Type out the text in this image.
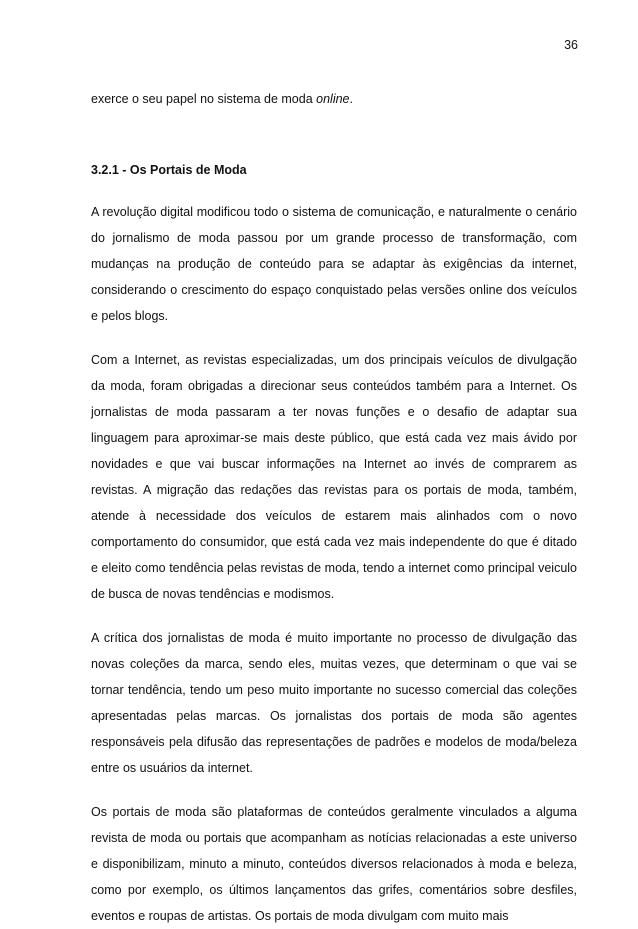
36

exerce o seu papel no sistema de moda online.

3.2.1 - Os Portais de Moda

A revolução digital modificou todo o sistema de comunicação, e naturalmente o cenário do jornalismo de moda passou por um grande processo de transformação, com mudanças na produção de conteúdo para se adaptar às exigências da internet, considerando o crescimento do espaço conquistado pelas versões online dos veículos e pelos blogs.

Com a Internet, as revistas especializadas, um dos principais veículos de divulgação da moda, foram obrigadas a direcionar seus conteúdos também para a Internet. Os jornalistas de moda passaram a ter novas funções e o desafio de adaptar sua linguagem para aproximar-se mais deste público, que está cada vez mais ávido por novidades e que vai buscar informações na Internet ao invés de comprarem as revistas. A migração das redações das revistas para os portais de moda, também, atende à necessidade dos veículos de estarem mais alinhados com o novo comportamento do consumidor, que está cada vez mais independente do que é ditado e eleito como tendência pelas revistas de moda, tendo a internet como principal veiculo de busca de novas tendências e modismos.

A crítica dos jornalistas de moda é muito importante no processo de divulgação das novas coleções da marca, sendo eles, muitas vezes, que determinam o que vai se tornar tendência, tendo um peso muito importante no sucesso comercial das coleções apresentadas pelas marcas. Os jornalistas dos portais de moda são agentes responsáveis pela difusão das representações de padrões e modelos de moda/beleza entre os usuários da internet.

Os portais de moda são plataformas de conteúdos geralmente vinculados a alguma revista de moda ou portais que acompanham as notícias relacionadas a este universo e disponibilizam, minuto a minuto, conteúdos diversos relacionados à moda e beleza, como por exemplo, os últimos lançamentos das grifes, comentários sobre desfiles, eventos e roupas de artistas. Os portais de moda divulgam com muito mais
